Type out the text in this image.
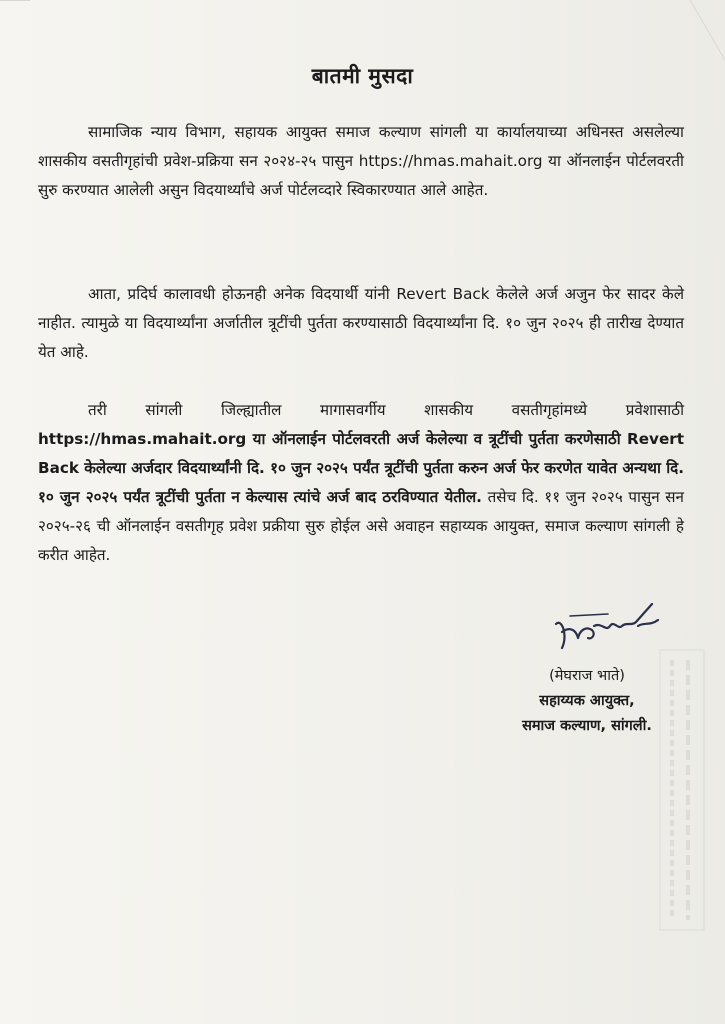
बातमी मुसदा
सामाजिक न्याय विभाग, सहायक आयुक्त समाज कल्याण सांगली या कार्यालयाच्या अधिनस्त असलेल्या शासकीय वसतीगृहांची प्रवेश-प्रक्रिया सन २०२४-२५ पासुन https://hmas.mahait.org या ऑनलाईन पोर्टलवरती सुरु करण्यात आलेली असुन विदयार्थ्यांचे अर्ज पोर्टलव्दारे स्विकारण्यात आले आहेत.
आता, प्रदिर्घ कालावधी होऊनही अनेक विदयार्थी यांनी Revert Back केलेले अर्ज अजुन फेर सादर केले नाहीत. त्यामुळे या विदयार्थ्यांना अर्जातील त्रूटींची पुर्तता करण्यासाठी विदयार्थ्यांना दि. १० जुन २०२५ ही तारीख देण्यात येत आहे.
तरी सांगली जिल्ह्यातील मागासवर्गीय शासकीय वसतीगृहांमध्ये प्रवेशासाठी https://hmas.mahait.org या ऑनलाईन पोर्टलवरती अर्ज केलेल्या व त्रूटींची पुर्तता करणेसाठी Revert Back केलेल्या अर्जदार विदयार्थ्यांनी दि. १० जुन २०२५ पर्यंत त्रूटींची पुर्तता करुन अर्ज फेर करणेत यावेत अन्यथा दि. १० जुन २०२५ पर्यंत त्रूटींची पुर्तता न केल्यास त्यांचे अर्ज बाद ठरविण्यात येतील. तसेच दि. ११ जुन २०२५ पासुन सन २०२५-२६ ची ऑनलाईन वसतीगृह प्रवेश प्रक्रीया सुरु होईल असे अवाहन सहाय्यक आयुक्त, समाज कल्याण सांगली हे करीत आहेत.
(मेघराज भाते)
सहाय्यक आयुक्त,
समाज कल्याण, सांगली.
